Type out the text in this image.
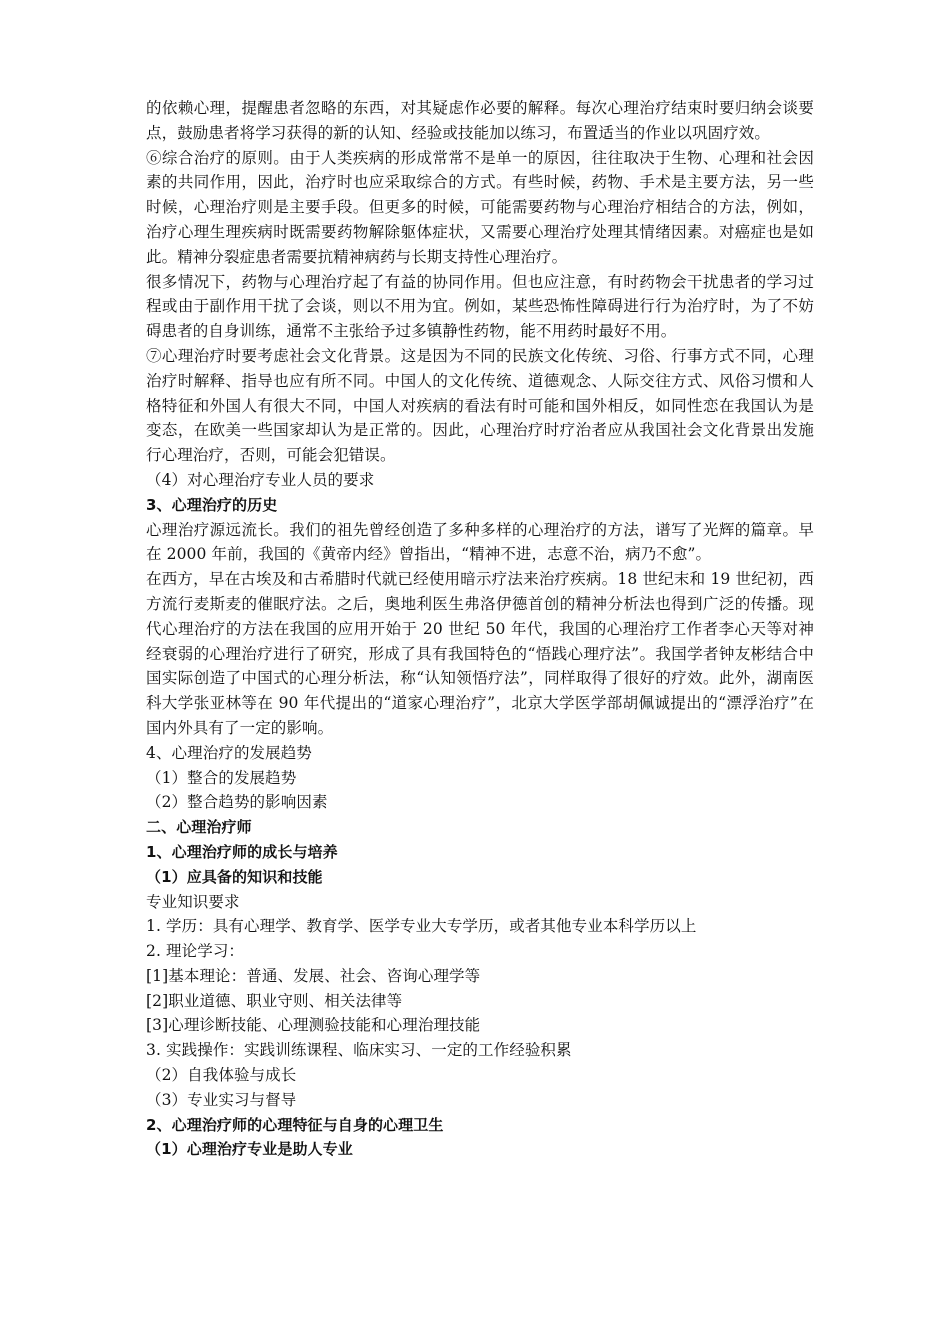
的依赖心理，提醒患者忽略的东西，对其疑虑作必要的解释。每次心理治疗结束时要归纳会谈要点，鼓励患者将学习获得的新的认知、经验或技能加以练习，布置适当的作业以巩固疗效。

⑥综合治疗的原则。由于人类疾病的形成常常不是单一的原因，往往取决于生物、心理和社会因素的共同作用，因此，治疗时也应采取综合的方式。有些时候，药物、手术是主要方法，另一些时候，心理治疗则是主要手段。但更多的时候，可能需要药物与心理治疗相结合的方法，例如，治疗心理生理疾病时既需要药物解除躯体症状，又需要心理治疗处理其情绪因素。对癌症也是如此。精神分裂症患者需要抗精神病药与长期支持性心理治疗。

很多情况下，药物与心理治疗起了有益的协同作用。但也应注意，有时药物会干扰患者的学习过程或由于副作用干扰了会谈，则以不用为宜。例如，某些恐怖性障碍进行行为治疗时，为了不妨碍患者的自身训练，通常不主张给予过多镇静性药物，能不用药时最好不用。

⑦心理治疗时要考虑社会文化背景。这是因为不同的民族文化传统、习俗、行事方式不同，心理治疗时解释、指导也应有所不同。中国人的文化传统、道德观念、人际交往方式、风俗习惯和人格特征和外国人有很大不同，中国人对疾病的看法有时可能和国外相反，如同性恋在我国认为是变态，在欧美一些国家却认为是正常的。因此，心理治疗时疗治者应从我国社会文化背景出发施行心理治疗，否则，可能会犯错误。

（4）对心理治疗专业人员的要求

3、心理治疗的历史

心理治疗源远流长。我们的祖先曾经创造了多种多样的心理治疗的方法，谱写了光辉的篇章。早在 2000 年前，我国的《黄帝内经》曾指出，“精神不进，志意不治，病乃不愈”。

在西方，早在古埃及和古希腊时代就已经使用暗示疗法来治疗疾病。18 世纪末和 19 世纪初，西方流行麦斯麦的催眠疗法。之后，奥地利医生弗洛伊德首创的精神分析法也得到广泛的传播。现代心理治疗的方法在我国的应用开始于 20 世纪 50 年代，我国的心理治疗工作者李心天等对神经衰弱的心理治疗进行了研究，形成了具有我国特色的“悟践心理疗法”。我国学者钟友彬结合中国实际创造了中国式的心理分析法，称“认知领悟疗法”，同样取得了很好的疗效。此外，湖南医科大学张亚林等在 90 年代提出的“道家心理治疗”，北京大学医学部胡佩诚提出的“漂浮治疗”在国内外具有了一定的影响。

4、心理治疗的发展趋势

（1）整合的发展趋势

（2）整合趋势的影响因素

二、心理治疗师

1、心理治疗师的成长与培养

（1）应具备的知识和技能

专业知识要求

1. 学历：具有心理学、教育学、医学专业大专学历，或者其他专业本科学历以上

2. 理论学习：

[1]基本理论：普通、发展、社会、咨询心理学等

[2]职业道德、职业守则、相关法律等

[3]心理诊断技能、心理测验技能和心理治理技能

3. 实践操作：实践训练课程、临床实习、一定的工作经验积累

（2）自我体验与成长

（3）专业实习与督导

2、心理治疗师的心理特征与自身的心理卫生

（1）心理治疗专业是助人专业
